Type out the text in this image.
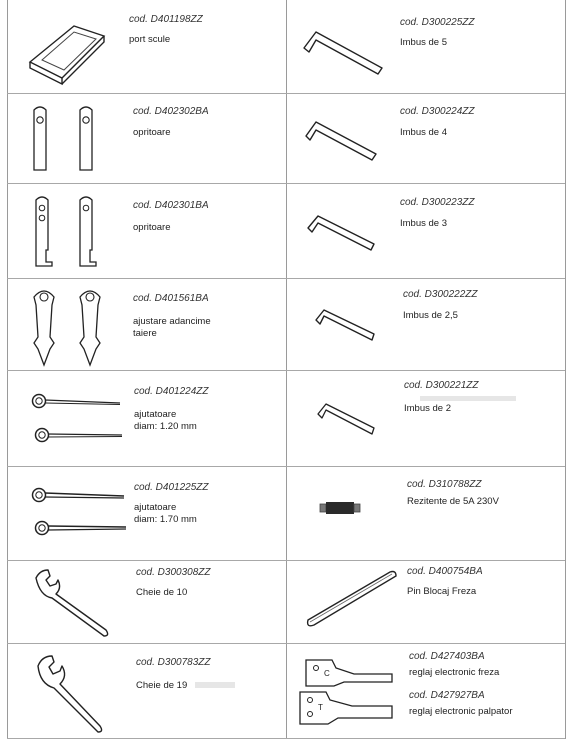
cod. D401198ZZ
port scule
cod. D300225ZZ
Imbus de 5
cod. D402302BA
opritoare
cod. D300224ZZ
Imbus de 4
cod. D402301BA
opritoare
cod. D300223ZZ
Imbus de 3
cod. D401561BA
ajustare adancime
taiere
cod. D300222ZZ
Imbus de 2,5
cod. D401224ZZ
ajutatoare
diam: 1.20 mm
cod. D300221ZZ
Imbus de 2
cod. D401225ZZ
ajutatoare
diam: 1.70 mm
cod. D310788ZZ
Rezitente de 5A 230V
cod. D300308ZZ
Cheie de 10
cod. D400754BA
Pin Blocaj Freza
cod. D300783ZZ
Cheie de 19
C
T
cod. D427403BA
reglaj electronic freza
cod. D427927BA
reglaj electronic palpator
